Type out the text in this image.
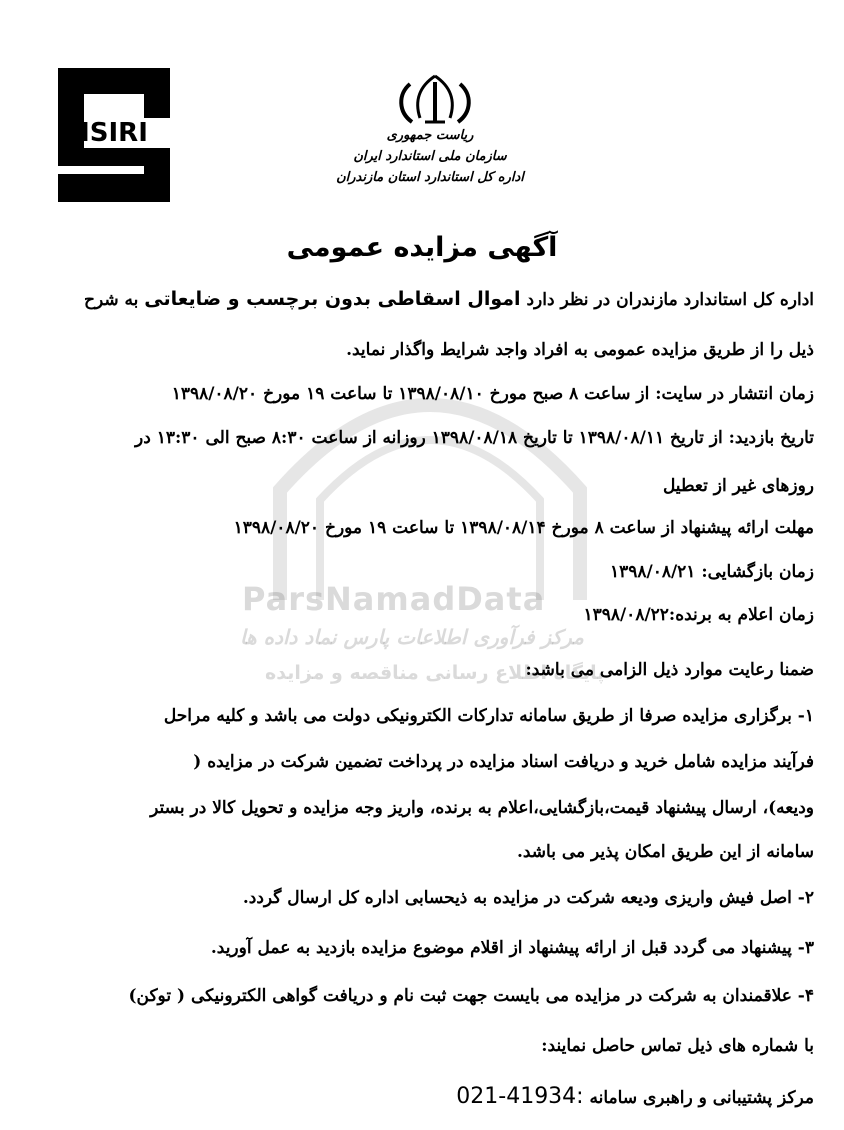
ParsNamadData
مرکز فرآوری اطلاعات پارس نماد داده ها
پایگاه اطلاع رسانی مناقصه و مزایده
ISIRI	ریاست جمهوری
سازمان ملی استاندارد ایران
اداره کل استاندارد استان مازندران
آگهی مزایده عمومی
اداره کل استاندارد مازندران در نظر دارد اموال اسقاطی بدون برچسب و ضایعاتی به شرح
ذیل را از طریق مزایده عمومی به افراد واجد شرایط واگذار نماید.
زمان انتشار در سایت: از ساعت ۸ صبح مورخ ۱۳۹۸/۰۸/۱۰ تا ساعت ۱۹ مورخ ۱۳۹۸/۰۸/۲۰
تاریخ بازدید: از تاریخ ۱۳۹۸/۰۸/۱۱ تا تاریخ ۱۳۹۸/۰۸/۱۸ روزانه از ساعت ۸:۳۰ صبح الی ۱۳:۳۰ در
روزهای غیر از تعطیل
مهلت ارائه پیشنهاد از ساعت ۸ مورخ ۱۳۹۸/۰۸/۱۴ تا ساعت ۱۹ مورخ ۱۳۹۸/۰۸/۲۰
زمان بازگشایی: ۱۳۹۸/۰۸/۲۱
زمان اعلام به برنده:۱۳۹۸/۰۸/۲۲
ضمنا رعایت موارد ذیل الزامی می باشد:
۱- برگزاری مزایده صرفا از طریق سامانه تدارکات الکترونیکی دولت می باشد و کلیه مراحل
فرآیند مزایده شامل خرید و دریافت اسناد مزایده در پرداخت تضمین شرکت در مزایده (
ودیعه)، ارسال پیشنهاد قیمت،بازگشایی،اعلام به برنده، واریز وجه مزایده و تحویل کالا در بستر
سامانه از این طریق امکان پذیر می باشد.
۲- اصل فیش واریزی ودیعه شرکت در مزایده به ذیحسابی اداره کل ارسال گردد.
۳- پیشنهاد می گردد قبل از ارائه پیشنهاد از اقلام موضوع مزایده بازدید به عمل آورید.
۴- علاقمندان به شرکت در مزایده می بایست جهت ثبت نام و دریافت گواهی الکترونیکی ( توکن)
با شماره های ذیل تماس حاصل نمایند:
مرکز پشتیبانی و راهبری سامانه 021-41934:
